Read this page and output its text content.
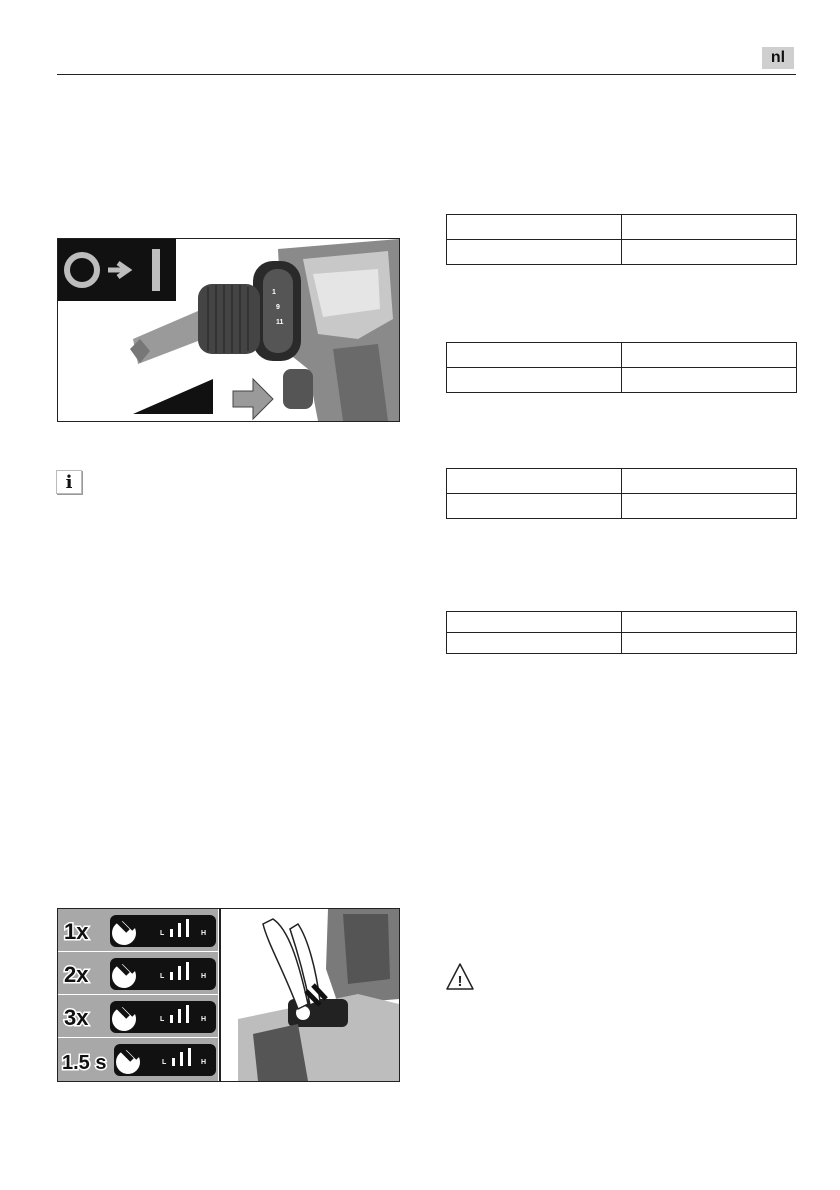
nl
1
9
11
i
1x	L	H
2x	L	H
3x	L	H
1.5 s	L	H

!
